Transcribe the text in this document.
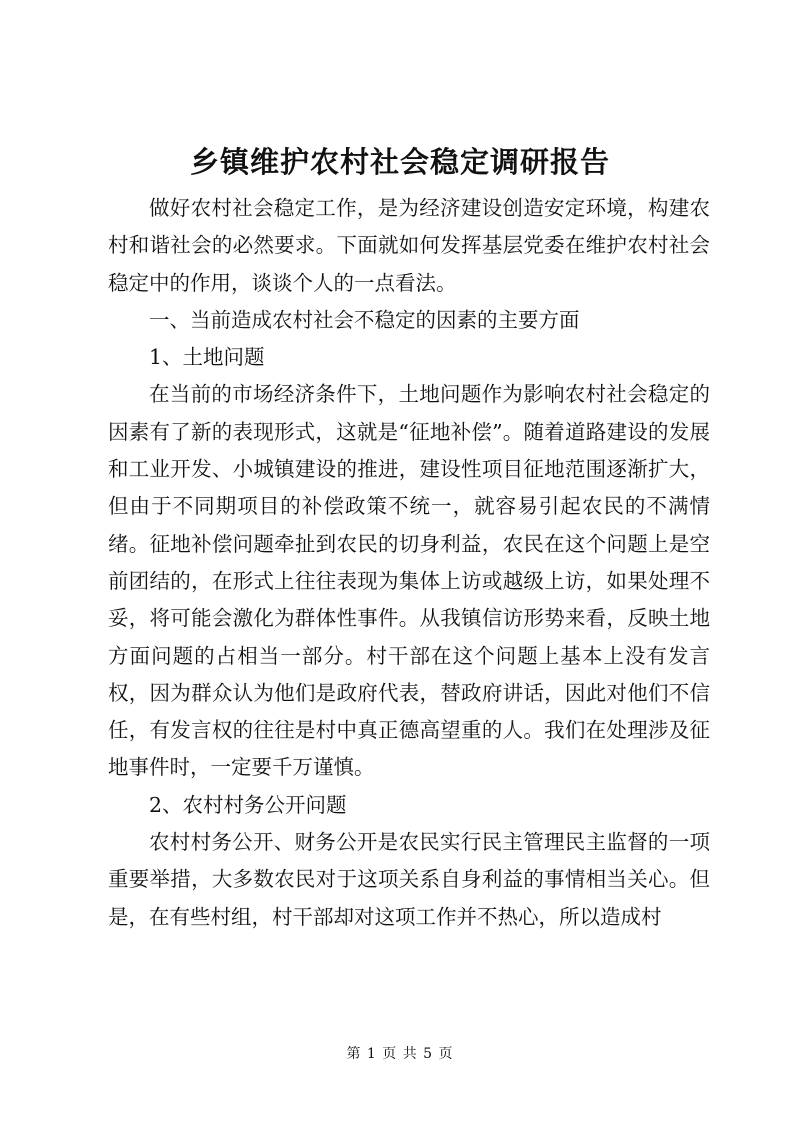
乡镇维护农村社会稳定调研报告

做好农村社会稳定工作，是为经济建设创造安定环境，构建农村和谐社会的必然要求。下面就如何发挥基层党委在维护农村社会稳定中的作用，谈谈个人的一点看法。

一、当前造成农村社会不稳定的因素的主要方面

1、土地问题

在当前的市场经济条件下，土地问题作为影响农村社会稳定的因素有了新的表现形式，这就是“征地补偿”。随着道路建设的发展和工业开发、小城镇建设的推进，建设性项目征地范围逐渐扩大，但由于不同期项目的补偿政策不统一，就容易引起农民的不满情绪。征地补偿问题牵扯到农民的切身利益，农民在这个问题上是空前团结的，在形式上往往表现为集体上访或越级上访，如果处理不妥，将可能会激化为群体性事件。从我镇信访形势来看，反映土地方面问题的占相当一部分。村干部在这个问题上基本上没有发言权，因为群众认为他们是政府代表，替政府讲话，因此对他们不信任，有发言权的往往是村中真正德高望重的人。我们在处理涉及征地事件时，一定要千万谨慎。

2、农村村务公开问题

农村村务公开、财务公开是农民实行民主管理民主监督的一项重要举措，大多数农民对于这项关系自身利益的事情相当关心。但是，在有些村组，村干部却对这项工作并不热心，所以造成村

第 1 页 共 5 页
